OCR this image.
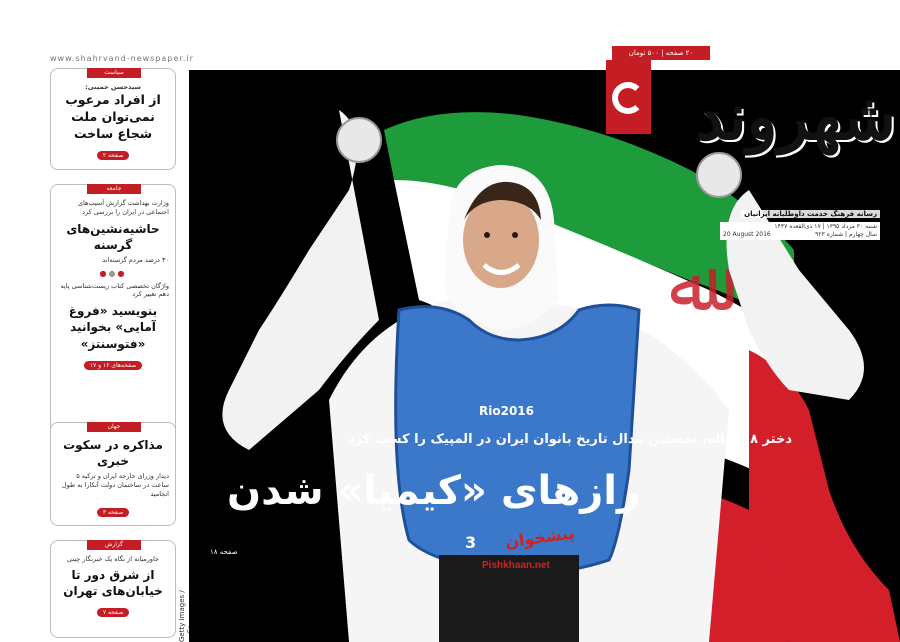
www.shahrvand-newspaper.ir
سیاست
سیدحسن خمینی:
از افراد مرعوب نمی‌توان ملت شجاع ساخت
صفحه ۲
جامعه
وزارت بهداشت گزارش آسیب‌های اجتماعی در ایران را بررسی کرد
حاشیه‌نشین‌های گرسنه
۳۰ درصد مردم گرسنه‌اند
●●●
واژگان تخصصی کتاب زیست‌شناسی پایه دهم تغییر کرد
بنویسید «فروغ آمایی» بخوانید «فتوسنتز»
صفحه‌های ۱۶ و ۱۷
جهان
مذاکره در سکوت خبری
دیدار وزرای خارجه ایران و ترکیه ۵ ساعت در ساختمان دولت آنکارا به طول انجامید
صفحه ۳
گزارش
خاورمیانه از نگاه یک خبرنگار چینی
از شرق دور تا خیابان‌های تهران
صفحه ۷
Getty Images /
ﷲ
Rio2016
3
۲۰ صفحه | ۵۰۰ تومان
شهروند
رسانه فرهنگ خدمت داوطلبانه ایرانیان
شنبه ۳۰ مرداد ۱۳۹۵ | ۱۷ ذی‌القعده ۱۴۳۷
سال چهارم | شماره ۹۲۳
20 August 2016
دختر ۱۸ ساله، نخستین مدال تاریخ بانوان ایران در المپیک را کسب کرد
رازهای «کیمیا» شدن
صفحه ۱۸
پیشخوان
Pishkhaan.net
